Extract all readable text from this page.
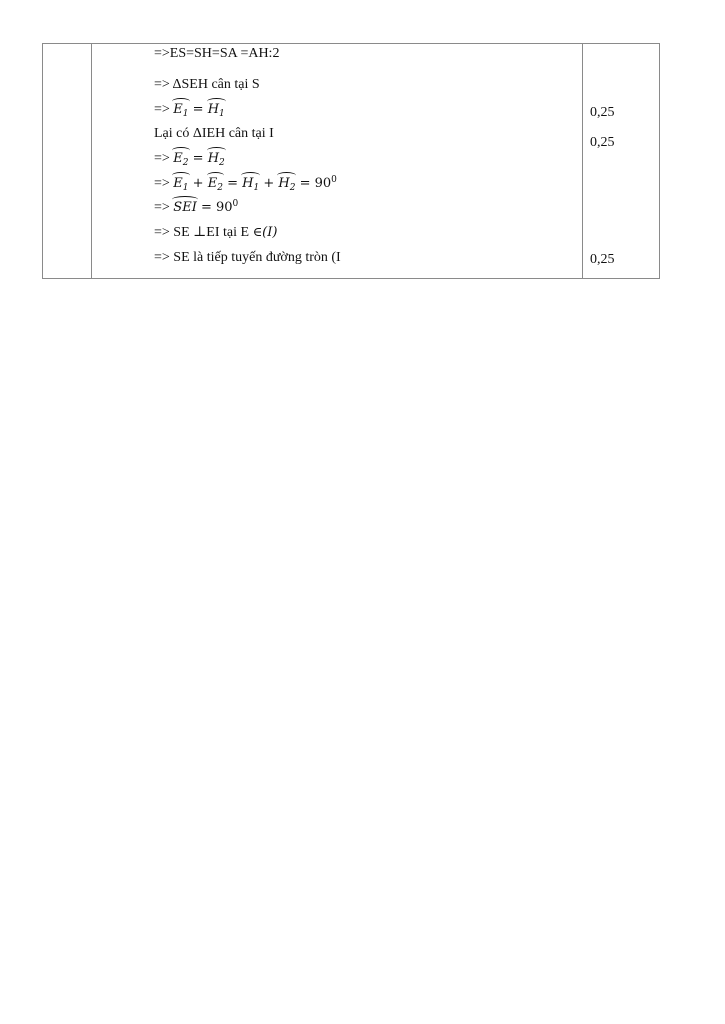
=>ES=SH=SA =AH:2
=> ΔSEH cân tại S
=> $E_1 = H_1$
Lại có ΔIEH cân tại I
=> $E_2 = H_2$
=> $E_1 + E_2 = H_1 + H_2 = 90^0$
=> SEI = $90^0$
=> SE ⊥EI tại E ∈(I)
=> SE là tiếp tuyến đường tròn (I
0,25
0,25
0,25
